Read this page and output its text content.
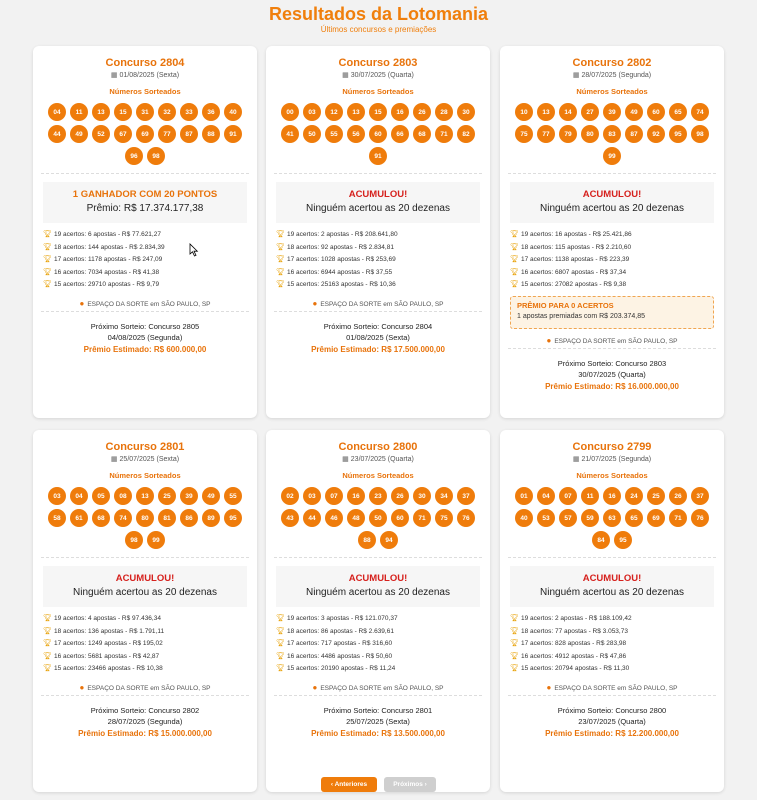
Resultados da Lotomania
Últimos concursos e premiações
Concurso 2804
▦ 01/08/2025 (Sexta)
Números Sorteados
04	11	13	15	31	32	33	36	40
44	49	52	67	69	77	87	88	91
96	98
1 GANHADOR COM 20 PONTOS
Prêmio: R$ 17.374.177,38
🏆︎ 19 acertos: 6 apostas - R$ 77.621,27
🏆︎ 18 acertos: 144 apostas - R$ 2.834,39
🏆︎ 17 acertos: 1178 apostas - R$ 247,09
🏆︎ 16 acertos: 7034 apostas - R$ 41,38
🏆︎ 15 acertos: 29710 apostas - R$ 9,79
● ESPAÇO DA SORTE em SÃO PAULO, SP
Próximo Sorteio: Concurso 2805
04/08/2025 (Segunda)
Prêmio Estimado: R$ 600.000,00
Concurso 2803
▦ 30/07/2025 (Quarta)
Números Sorteados
00	03	12	13	15	16	26	28	30
41	50	55	56	60	66	68	71	82
91
ACUMULOU!
Ninguém acertou as 20 dezenas
🏆︎ 19 acertos: 2 apostas - R$ 208.641,80
🏆︎ 18 acertos: 92 apostas - R$ 2.834,81
🏆︎ 17 acertos: 1028 apostas - R$ 253,69
🏆︎ 16 acertos: 6944 apostas - R$ 37,55
🏆︎ 15 acertos: 25163 apostas - R$ 10,36
● ESPAÇO DA SORTE em SÃO PAULO, SP
Próximo Sorteio: Concurso 2804
01/08/2025 (Sexta)
Prêmio Estimado: R$ 17.500.000,00
Concurso 2802
▦ 28/07/2025 (Segunda)
Números Sorteados
10	13	14	27	39	49	60	65	74
75	77	79	80	83	87	92	95	98
99
ACUMULOU!
Ninguém acertou as 20 dezenas
🏆︎ 19 acertos: 16 apostas - R$ 25.421,86
🏆︎ 18 acertos: 115 apostas - R$ 2.210,60
🏆︎ 17 acertos: 1138 apostas - R$ 223,39
🏆︎ 16 acertos: 6807 apostas - R$ 37,34
🏆︎ 15 acertos: 27082 apostas - R$ 9,38
PRÊMIO PARA 0 ACERTOS
1 apostas premiadas com R$ 203.374,85
● ESPAÇO DA SORTE em SÃO PAULO, SP
Próximo Sorteio: Concurso 2803
30/07/2025 (Quarta)
Prêmio Estimado: R$ 16.000.000,00
Concurso 2801
▦ 25/07/2025 (Sexta)
Números Sorteados
03	04	05	08	13	25	39	49	55
58	61	68	74	80	81	86	89	95
98	99
ACUMULOU!
Ninguém acertou as 20 dezenas
🏆︎ 19 acertos: 4 apostas - R$ 97.436,34
🏆︎ 18 acertos: 136 apostas - R$ 1.791,11
🏆︎ 17 acertos: 1249 apostas - R$ 195,02
🏆︎ 16 acertos: 5681 apostas - R$ 42,87
🏆︎ 15 acertos: 23466 apostas - R$ 10,38
● ESPAÇO DA SORTE em SÃO PAULO, SP
Próximo Sorteio: Concurso 2802
28/07/2025 (Segunda)
Prêmio Estimado: R$ 15.000.000,00
Concurso 2800
▦ 23/07/2025 (Quarta)
Números Sorteados
02	03	07	16	23	26	30	34	37
43	44	46	48	50	60	71	75	76
88	94
ACUMULOU!
Ninguém acertou as 20 dezenas
🏆︎ 19 acertos: 3 apostas - R$ 121.070,37
🏆︎ 18 acertos: 86 apostas - R$ 2.639,61
🏆︎ 17 acertos: 717 apostas - R$ 316,60
🏆︎ 16 acertos: 4486 apostas - R$ 50,60
🏆︎ 15 acertos: 20190 apostas - R$ 11,24
● ESPAÇO DA SORTE em SÃO PAULO, SP
Próximo Sorteio: Concurso 2801
25/07/2025 (Sexta)
Prêmio Estimado: R$ 13.500.000,00
Concurso 2799
▦ 21/07/2025 (Segunda)
Números Sorteados
01	04	07	11	16	24	25	26	37
40	53	57	59	63	65	69	71	76
84	95
ACUMULOU!
Ninguém acertou as 20 dezenas
🏆︎ 19 acertos: 2 apostas - R$ 188.109,42
🏆︎ 18 acertos: 77 apostas - R$ 3.053,73
🏆︎ 17 acertos: 828 apostas - R$ 283,98
🏆︎ 16 acertos: 4912 apostas - R$ 47,86
🏆︎ 15 acertos: 20794 apostas - R$ 11,30
● ESPAÇO DA SORTE em SÃO PAULO, SP
Próximo Sorteio: Concurso 2800
23/07/2025 (Quarta)
Prêmio Estimado: R$ 12.200.000,00
‹ Anteriores	Próximos ›
